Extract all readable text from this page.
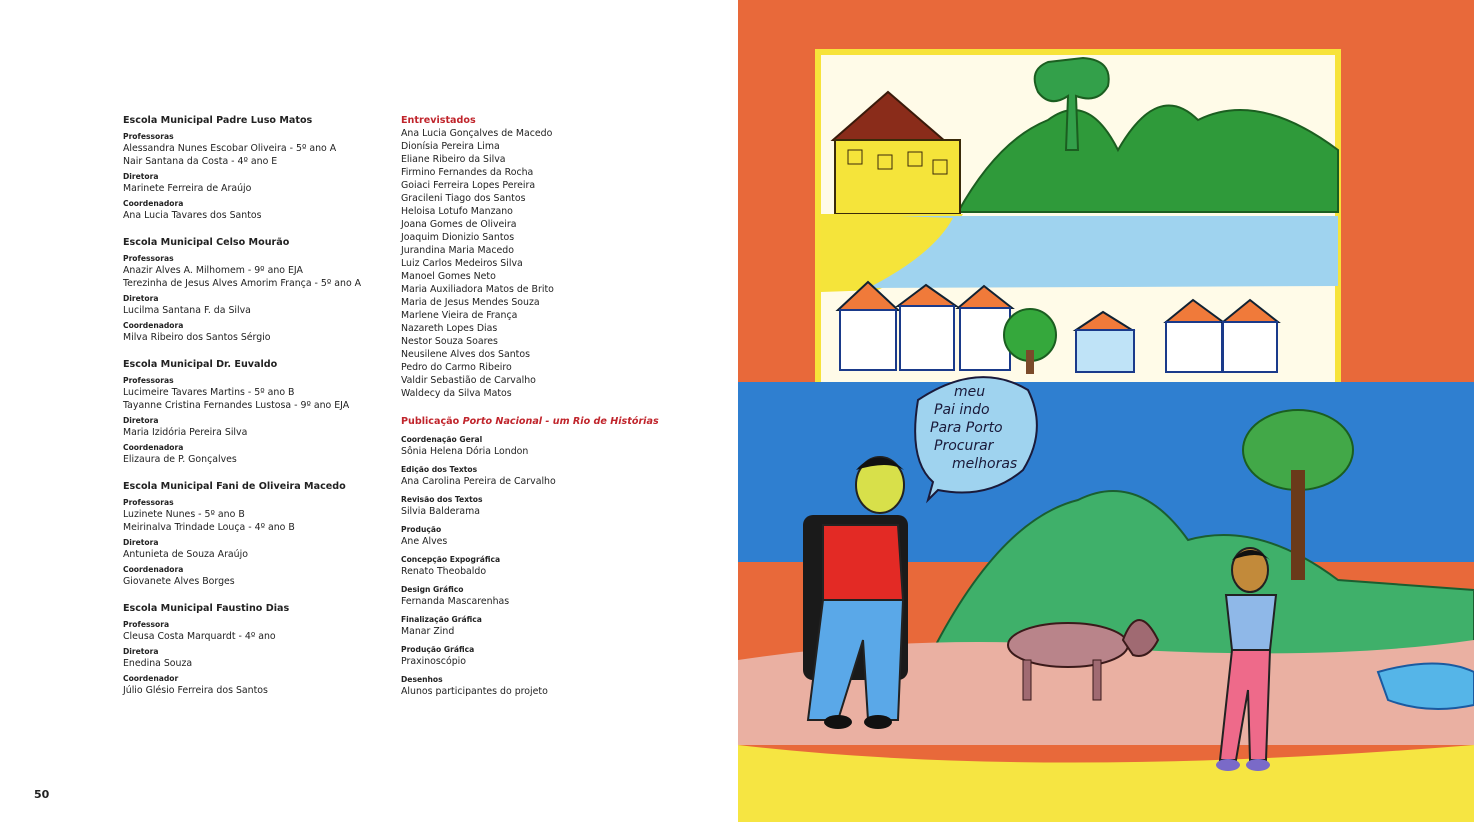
Escola Municipal Padre Luso Matos
Professoras
Alessandra Nunes Escobar Oliveira - 5º ano A
Nair Santana da Costa - 4º ano E
Diretora
Marinete Ferreira de Araújo
Coordenadora
Ana Lucia Tavares dos Santos
Escola Municipal Celso Mourão
Professoras
Anazir Alves A. Milhomem - 9º ano EJA
Terezinha de Jesus Alves Amorim França - 5º ano A
Diretora
Lucilma Santana F. da Silva
Coordenadora
Milva Ribeiro dos Santos Sérgio
Escola Municipal Dr. Euvaldo
Professoras
Lucimeire Tavares Martins - 5º ano B
Tayanne Cristina Fernandes Lustosa - 9º ano EJA
Diretora
Maria Izidória Pereira Silva
Coordenadora
Elizaura de P. Gonçalves
Escola Municipal Fani de Oliveira Macedo
Professoras
Luzinete Nunes - 5º ano B
Meirinalva Trindade Louça - 4º ano B
Diretora
Antunieta de Souza Araújo
Coordenadora
Giovanete Alves Borges
Escola Municipal Faustino Dias
Professora
Cleusa Costa Marquardt - 4º ano
Diretora
Enedina Souza
Coordenador
Júlio Glésio Ferreira dos Santos
Entrevistados
Ana Lucia Gonçalves de Macedo
Dionísia Pereira Lima
Eliane Ribeiro da Silva
Firmino Fernandes da Rocha
Goiaci Ferreira Lopes Pereira
Gracileni Tiago dos Santos
Heloisa Lotufo Manzano
Joana Gomes de Oliveira
Joaquim Dionizio Santos
Jurandina Maria Macedo
Luiz Carlos Medeiros Silva
Manoel Gomes Neto
Maria Auxiliadora Matos de Brito
Maria de Jesus Mendes Souza
Marlene Vieira de França
Nazareth Lopes Dias
Nestor Souza Soares
Neusilene Alves dos Santos
Pedro do Carmo Ribeiro
Valdir Sebastião de Carvalho
Waldecy da Silva Matos
Publicação Porto Nacional - um Rio de Histórias
Coordenação Geral
Sônia Helena Dória London
Edição dos Textos
Ana Carolina Pereira de Carvalho
Revisão dos Textos
Silvia Balderama
Produção
Ane Alves
Concepção Expográfica
Renato Theobaldo
Design Gráfico
Fernanda Mascarenhas
Finalização Gráfica
Manar Zind
Produção Gráfica
Praxinoscópio
Desenhos
Alunos participantes do projeto
50
meu Pai indo Para Porto Procurar melhoras
